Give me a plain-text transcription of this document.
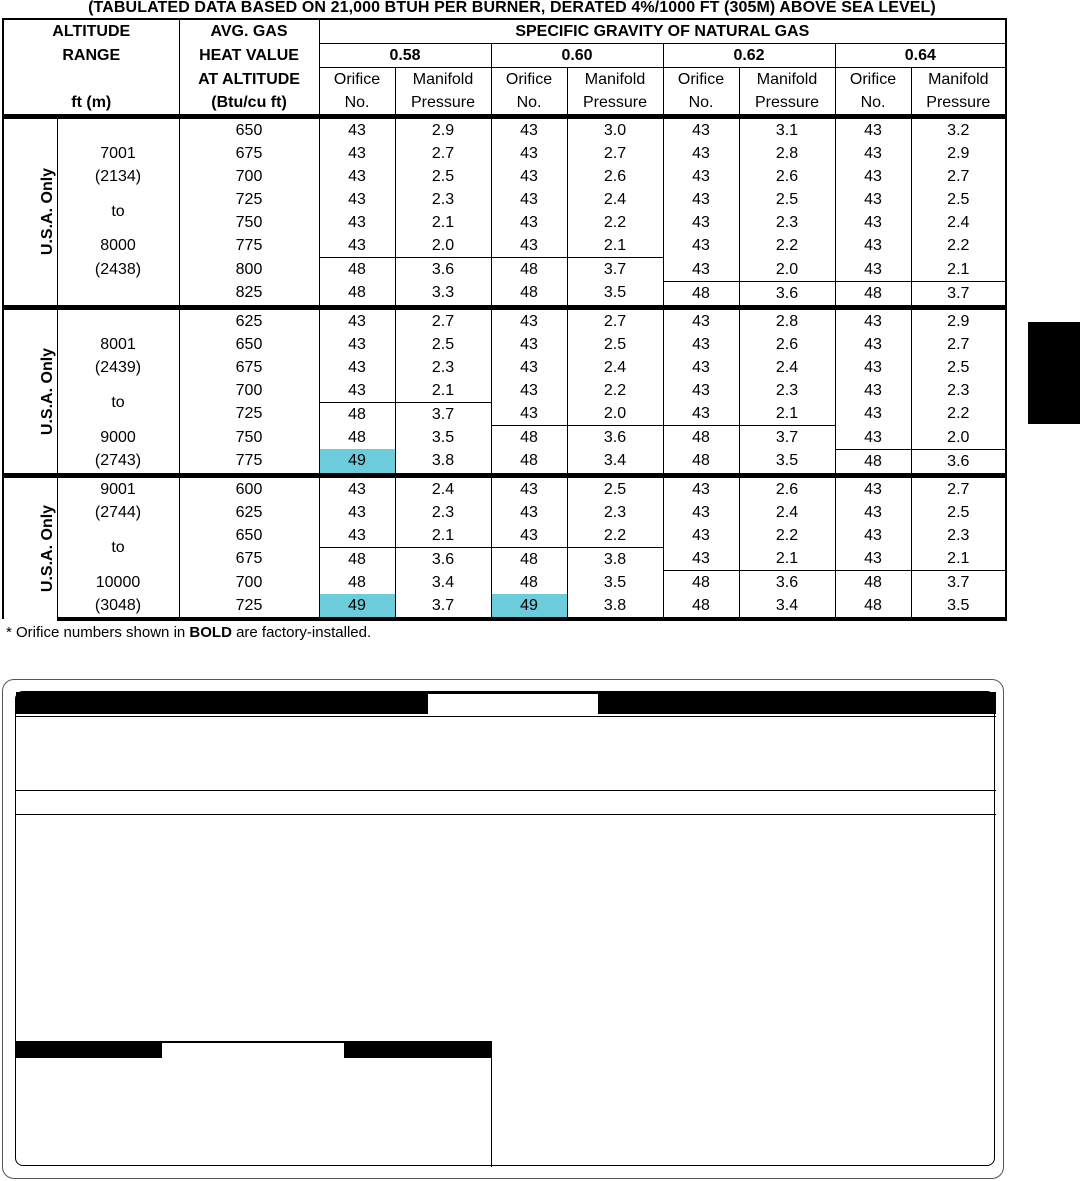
(TABULATED DATA BASED ON 21,000 BTUH PER BURNER, DERATED 4%/1000 FT (305M) ABOVE SEA LEVEL)
ALTITUDE		AVG. GAS	SPECIFIC GRAVITY OF NATURAL GAS							
RANGE		HEAT VALUE	0.58		0.60		0.62		0.64	
		AT ALTITUDE	Orifice	Manifold	Orifice	Manifold	Orifice	Manifold	Orifice	Manifold
ft (m)		(Btu/cu ft)	No.	Pressure	No.	Pressure	No.	Pressure	No.	Pressure
U.S.A. Only		650	43	2.9	43	3.0	43	3.1	43	3.2
	7001	675	43	2.7	43	2.7	43	2.8	43	2.9
	(2134)	700	43	2.5	43	2.6	43	2.6	43	2.7
	to	725	43	2.3	43	2.4	43	2.5	43	2.5
		750	43	2.1	43	2.2	43	2.3	43	2.4
	8000	775	43	2.0	43	2.1	43	2.2	43	2.2
	(2438)	800	48	3.6	48	3.7	43	2.0	43	2.1
		825	48	3.3	48	3.5	48	3.6	48	3.7
U.S.A. Only		625	43	2.7	43	2.7	43	2.8	43	2.9
	8001	650	43	2.5	43	2.5	43	2.6	43	2.7
	(2439)	675	43	2.3	43	2.4	43	2.4	43	2.5
	to	700	43	2.1	43	2.2	43	2.3	43	2.3
		725	48	3.7	43	2.0	43	2.1	43	2.2
	9000	750	48	3.5	48	3.6	48	3.7	43	2.0
	(2743)	775	49	3.8	48	3.4	48	3.5	48	3.6
U.S.A. Only	9001	600	43	2.4	43	2.5	43	2.6	43	2.7
	(2744)	625	43	2.3	43	2.3	43	2.4	43	2.5
	to	650	43	2.1	43	2.2	43	2.2	43	2.3
		675	48	3.6	48	3.8	43	2.1	43	2.1
	10000	700	48	3.4	48	3.5	48	3.6	48	3.7
	(3048)	725	49	3.7	49	3.8	48	3.4	48	3.5
* Orifice numbers shown in BOLD are factory-installed.
